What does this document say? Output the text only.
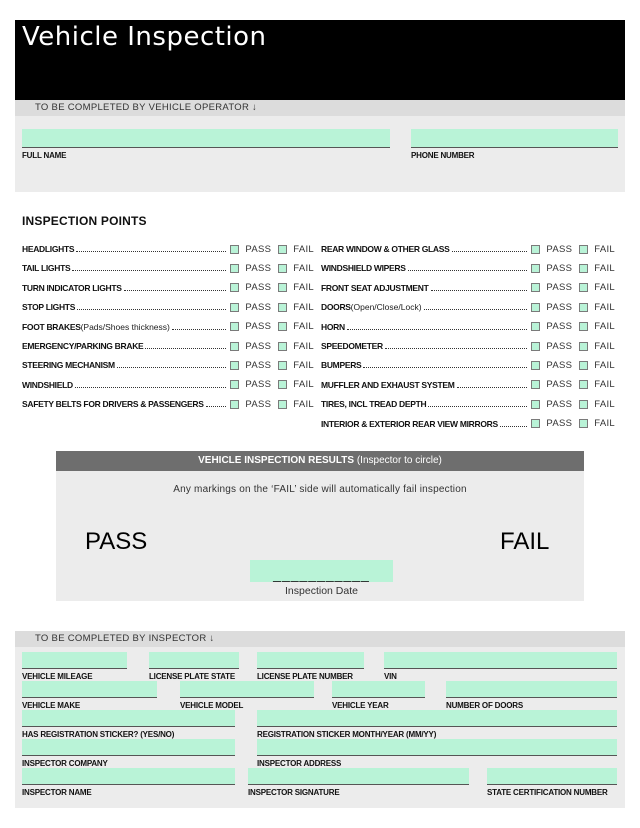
Vehicle Inspection
TO BE COMPLETED BY VEHICLE OPERATOR ↓
FULL NAME	PHONE NUMBER
INSPECTION POINTS
HEADLIGHTS	PASS FAIL
TAIL LIGHTS	PASS FAIL
TURN INDICATOR LIGHTS	PASS FAIL
STOP LIGHTS	PASS FAIL
FOOT BRAKES (Pads/Shoes thickness)	PASS FAIL
EMERGENCY/PARKING BRAKE	PASS FAIL
STEERING MECHANISM	PASS FAIL
WINDSHIELD	PASS FAIL
SAFETY BELTS FOR DRIVERS & PASSENGERS	PASS FAIL
REAR WINDOW & OTHER GLASS	PASS FAIL
WINDSHIELD WIPERS	PASS FAIL
FRONT SEAT ADJUSTMENT	PASS FAIL
DOORS (Open/Close/Lock)	PASS FAIL
HORN	PASS FAIL
SPEEDOMETER	PASS FAIL
BUMPERS	PASS FAIL
MUFFLER AND EXHAUST SYSTEM	PASS FAIL
TIRES, INCL TREAD DEPTH	PASS FAIL
INTERIOR & EXTERIOR REAR VIEW MIRRORS	PASS FAIL
VEHICLE INSPECTION RESULTS (Inspector to circle)
Any markings on the ‘FAIL’ side will automatically fail inspection
PASS	FAIL
___________
Inspection Date
TO BE COMPLETED BY INSPECTOR ↓
VEHICLE MILEAGE	LICENSE PLATE STATE	LICENSE PLATE NUMBER	VIN
VEHICLE MAKE	VEHICLE MODEL	VEHICLE YEAR	NUMBER OF DOORS
HAS REGISTRATION STICKER? (YES/NO)	REGISTRATION STICKER MONTH/YEAR (MM/YY)
INSPECTOR COMPANY	INSPECTOR ADDRESS
INSPECTOR NAME	INSPECTOR SIGNATURE	STATE CERTIFICATION NUMBER
